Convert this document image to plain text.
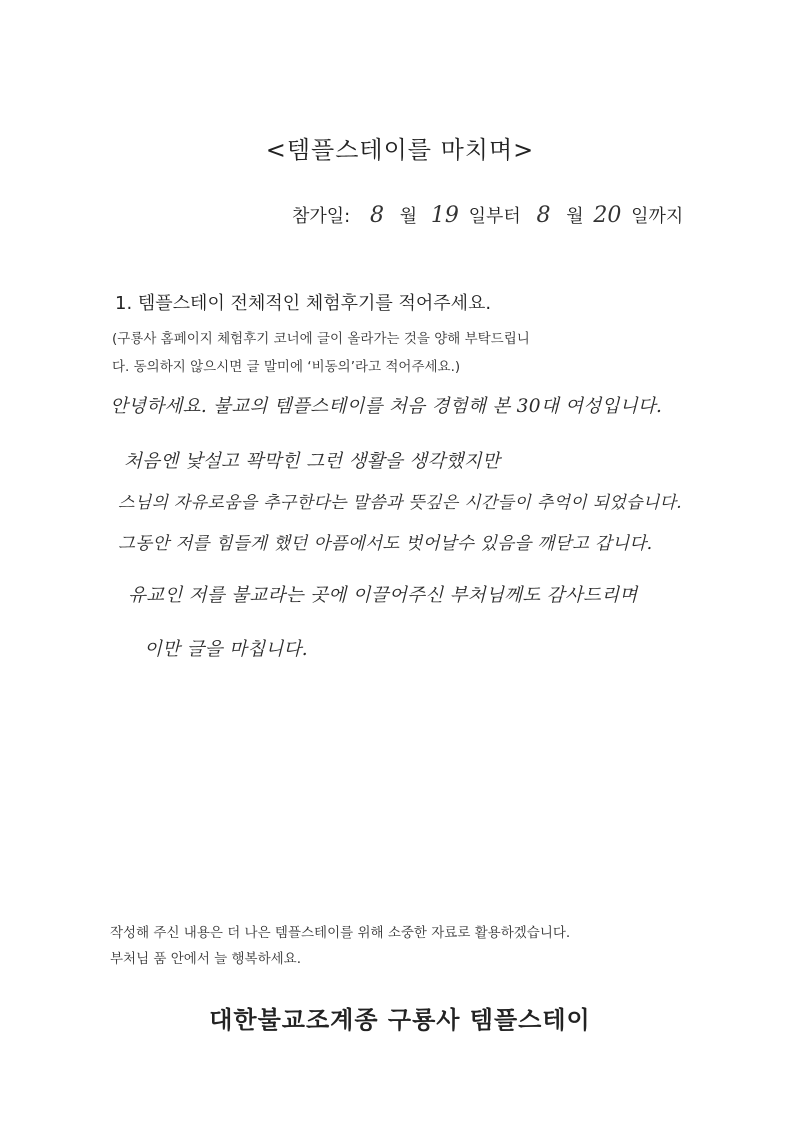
<템플스테이를 마치며>
참가일: 8 월 19 일부터 8 월 20 일까지
1. 템플스테이 전체적인 체험후기를 적어주세요.
(구룡사 홈페이지 체험후기 코너에 글이 올라가는 것을 양해 부탁드립니
다. 동의하지 않으시면 글 말미에 ‘비동의’라고 적어주세요.)
안녕하세요. 불교의 템플스테이를 처음 경험해 본 30대 여성입니다.
처음엔 낯설고 꽉막힌 그런 생활을 생각했지만
스님의 자유로움을 추구한다는 말씀과 뜻깊은 시간들이 추억이 되었습니다.
그동안 저를 힘들게 했던 아픔에서도 벗어날수 있음을 깨닫고 갑니다.
유교인 저를 불교라는 곳에 이끌어주신 부처님께도 감사드리며
이만 글을 마칩니다.
작성해 주신 내용은 더 나은 템플스테이를 위해 소중한 자료로 활용하겠습니다.
부처님 품 안에서 늘 행복하세요.
대한불교조계종 구룡사 템플스테이
